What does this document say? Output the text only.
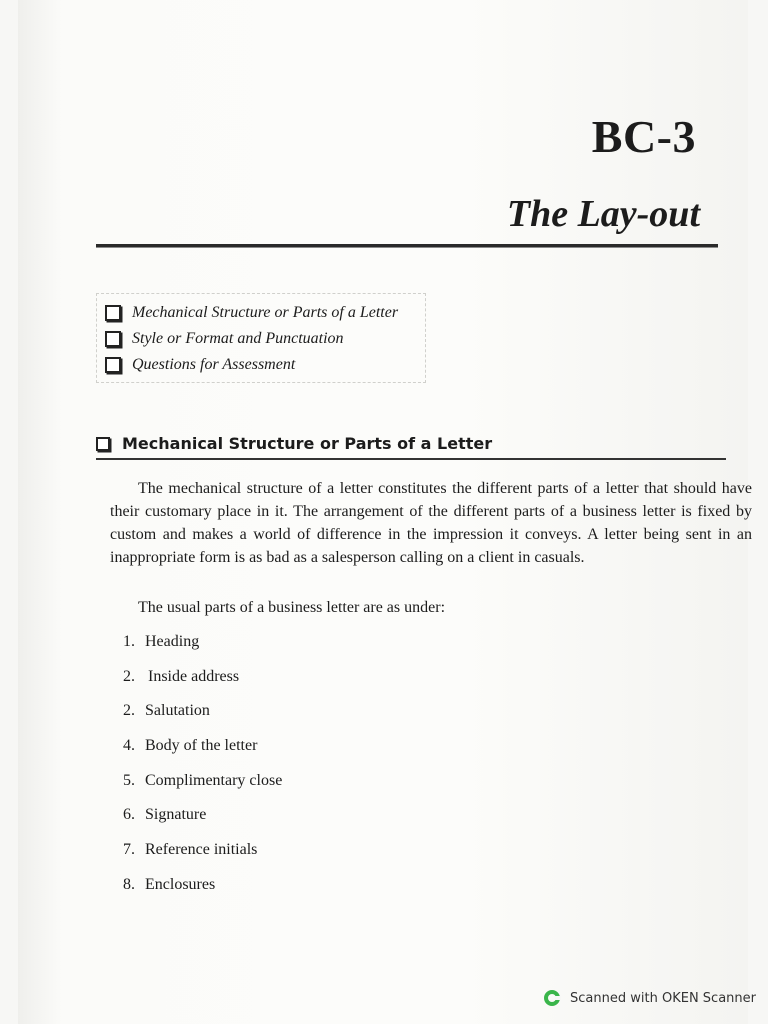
BC-3
The Lay-out
Mechanical Structure or Parts of a Letter
Style or Format and Punctuation
Questions for Assessment
Mechanical Structure or Parts of a Letter

The mechanical structure of a letter constitutes the different parts of a letter that should have their customary place in it. The arrangement of the different parts of a business letter is fixed by custom and makes a world of difference in the impression it conveys. A letter being sent in an inappropriate form is as bad as a salesperson calling on a client in casuals.

The usual parts of a business letter are as under:

1. Heading
2. Inside address
2. Salutation
4. Body of the letter
5. Complimentary close
6. Signature
7. Reference initials
8. Enclosures
Scanned with OKEN Scanner
